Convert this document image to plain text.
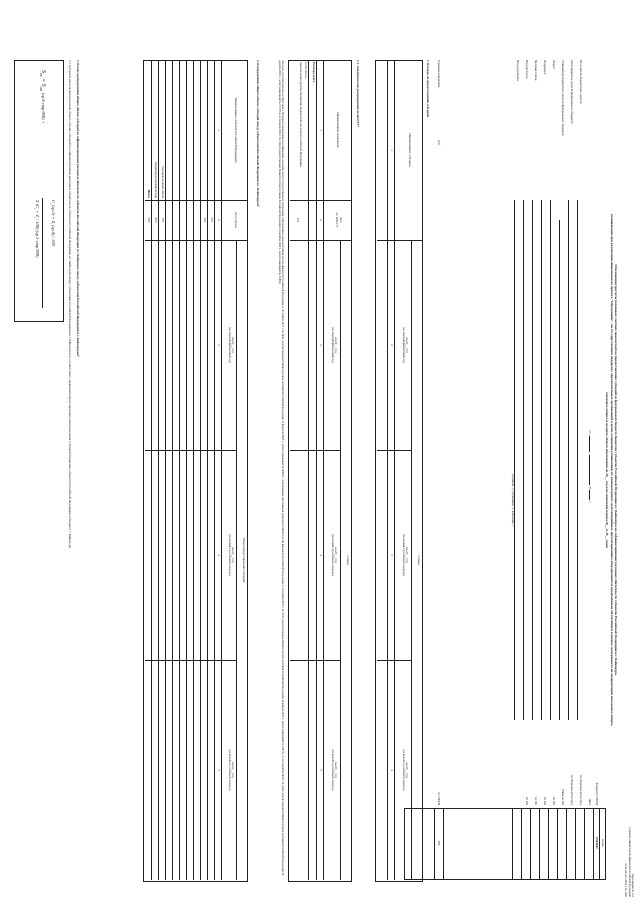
Приложение № 112
к приказу Министерства финансов Российской Федерации
от 29 августа 2016 г. № 142н
Обоснования (расчеты) плановых сметных показателей на предоставление субсидий из федерального бюджета бюджетам субъектов Российской Федерации и г. Байконура на софинансирование расходных обязательств субъектов Российской Федерации и г. Байконура,
возникающих при реализации национального проекта "Образование", на государственную поддержку образовательных организаций в целях оснащения (обновления) их компьютерным, мультимедийным, презентационным оборудованием и программным обеспечением в рамках эксперимента по модернизации начального общего,
основного общего и среднего общего образования на 20__ год и на плановый период 20__ и 20__ годов
от «  »  20  г.
Коды
0505842
383
Форма по ОКУД
Дата
по Перечню (Реестру)
по Перечню (Реестру)
Глава по БК
по БК
по БК
по БК
по БК
по ОКЕИ
Получатель бюджетных средств
Распорядитель средств федерального бюджета
Главный распорядитель средств федерального бюджета
Раздел
Подраздел
Целевая статья
Вид расходов
Вид документа
(основной - 1, уточненный - 2; изменения...)
Единица измерения:
руб
1. Расходы на предоставление субсидий
Наименование субсидии
Сумма
на 20__ год
(на текущий финансовый год)
на 20__ год
(на первый год планового периода)
на 20__ год
(на второй год планового периода)
1
2
3
4
1.1. Аналитическое распределение по КОСГУ¹
Наименование показателя
Код
по КОСГУ
Сумма
на 20__ год
(на текущий финансовый год)
на 20__ год
(на первый год планового периода)
на 20__ год
(на второй год планового периода)
1
2
3
4
5
Расходы всего
в том числе:
перечисления другим бюджетам бюджетной системы Российской Федерации
251
¹Расходы детализируются в соответствии с Порядком применения классификации операций сектора государственного управления, утвержденным приказом Министерства финансов Российской Федерации от 29 ноября 2017 г. № 209н (зарегистрирован Министерством юстиции Российской Федерации 12 февраля 2018 г., регистрационный № 50003), с изменениями, внесенными приказами Министерства финансов Российской Федерации от 14 ноября 2018 г. № 237н (зарегистрирован Министерством юстиции Российской Федерации 24 января 2019 г., регистрационный № 53573), от 24 сентября 2020 г. № 222н (зарегистрирован Министерством юстиции Российской Федерации 30 декабря 2019 г., регистрационный № 57138) и от 24 июля 2020 г. № 150н (зарегистрирован Министерством юстиции Российской Федерации 4 сентября 2020 г., регистрационный № 59905)
2. Распределение общего объема субсидий между субъектами Российской Федерации и г. Байконуром²
Наименование субъекта Российской Федерации
Код строки
Объем предоставления субсидий
на 20__ год
(на текущий финансовый год)
на 20__ год
(на первый год планового периода)
на 20__ год
(на второй год планового периода)
1
2
3
4
5
001
002
Распределенный объем
700
Нераспределенный резерв
800
Итого
900
3. Расчет распределения общего объема субсидий на софинансирование расходных обязательств субъектов Российской Федерации и г. Байконура между субъектами Российской Федерации и г. Байконуром³
3.1 Алгоритм расчета распределения общего объема субсидий на софинансирование расходных обязательств субъектов Российской Федерации и г. Байконура между субъектами Российской Федерации и г. Байконуром в соответствии с правилами предоставления и распределения субсидий бюджетам субъектов Российской Федерации и бюджету г. Байконура
$S_{ex} = S_{ost}$ (гр.6 стр.900) ×
$C_i$ $(гр.3) \times Z_i$ (гр.4) / 100
Σ $(C_i \times Z_i / 100)$ (гр.5 стр.900)
